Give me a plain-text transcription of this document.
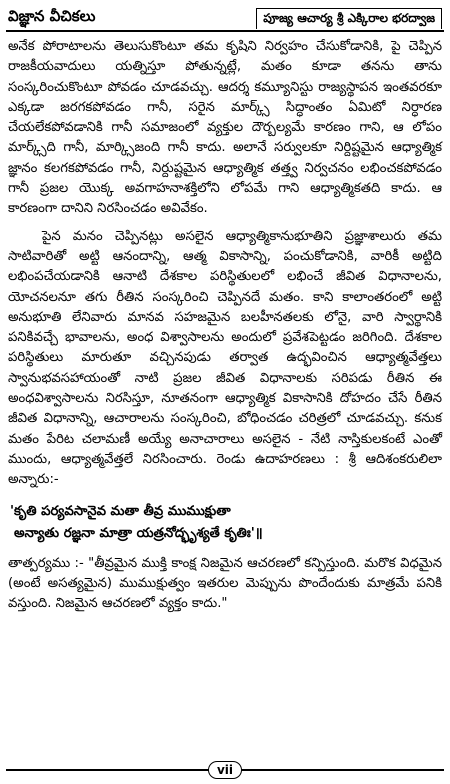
విజ్ఞాన వీచికలు	పూజ్య ఆచార్య శ్రీ ఎక్కిరాల భరద్వాజ

అనేక పోరాటాలను తెలుసుకొంటూ తమ కృషిని నిర్వహం చేసుకోడానికి, పై చెప్పిన రాజకీయవాదులు యత్నిస్తూ పోతున్నట్లే, మతం కూడా తనను తాను సంస్కరించుకొంటూ పోవడం చూడవచ్చు. ఆదర్శ కమ్యూనిస్టు రాజ్యస్థాపన ఇంతవరకూ ఎక్కడా జరగకపోవడం గానీ, సరైన మార్క్స్ సిద్ధాంతం ఏమిటో నిర్ధారణ చేయలేకపోవడానికి గానీ సమాజంలో వ్యక్తుల దౌర్బల్యమే కారణం గాని, ఆ లోపం మార్క్స్‌ది గానీ, మార్క్సిజంది గానీ కాదు. అలానే సర్వులకూ నిర్దిష్టమైన ఆధ్యాత్మిక జ్ఞానం కలగకపోవడం గానీ, నిర్దుష్టమైన ఆధ్యాత్మిక తత్త్వ నిర్వచనం లభించకపోవడం గానీ ప్రజల యొక్క అవగాహనాశక్తిలోని లోపమే గాని ఆధ్యాత్మికతది కాదు. ఆ కారణంగా దానిని నిరసించడం అవివేకం.

పైన మనం చెప్పినట్లు అసలైన ఆధ్యాత్మికానుభూతిని ప్రజ్ఞాశాలురు తమ సాటివారితో అట్టి ఆనందాన్ని, ఆత్మ వికాసాన్ని, పంచుకోడానికి, వారికీ అట్టిది లభింపచేయడానికి ఆనాటి దేశకాల పరిస్థితులలో లభించే జీవిత విధానాలను, యోచనలనూ తగు రీతిన సంస్కరించి చెప్పినదే మతం. కాని కాలాంతరంలో అట్టి అనుభూతి లేనివారు మానవ సహజమైన బలహీనతలకు లోనై, వారి స్వార్థానికి పనికివచ్చే భావాలను, అంధ విశ్వాసాలను అందులో ప్రవేశపెట్టడం జరిగింది. దేశకాల పరిస్థితులు మారుతూ వచ్చినపుడు తర్వాత ఉద్భవించిన ఆధ్యాత్మవేత్తలు స్వానుభవసహాయంతో నాటి ప్రజల జీవిత విధానాలకు సరిపడు రీతిన ఈ అంధవిశ్వాసాలను నిరసిస్తూ, నూతనంగా ఆధ్యాత్మిక వికాసానికి దోహదం చేసే రీతిన జీవిత విధానాన్ని, ఆచారాలను సంస్కరించి, బోధించడం చరిత్రలో చూడవచ్చు. కనుక మతం పేరిట చలామణీ అయ్యే అనాచారాలు అసలైన - నేటి నాస్తికులకంటే ఎంతో ముందు, ఆధ్యాత్మవేత్తలే నిరసించారు. రెండు ఉదాహరణలు : శ్రీ ఆదిశంకరులిలా అన్నారు:-

'కృతి పర్యవసానైవ మతా తీవ్ర ముముక్షుతా
అన్యాతు రజ్ఞనా మాత్రా యత్రనోద్భృశ్యతే కృతిః'॥

తాత్పర్యము :- "తీవ్రమైన ముక్తి కాంక్ష నిజమైన ఆచరణలో కన్పిస్తుంది. మరొక విధమైన (అంటే అసత్యమైన) ముముక్షుత్వం ఇతరుల మెప్పును పొందేందుకు మాత్రమే పనికి వస్తుంది. నిజమైన ఆచరణలో వ్యక్తం కాదు."

vii
